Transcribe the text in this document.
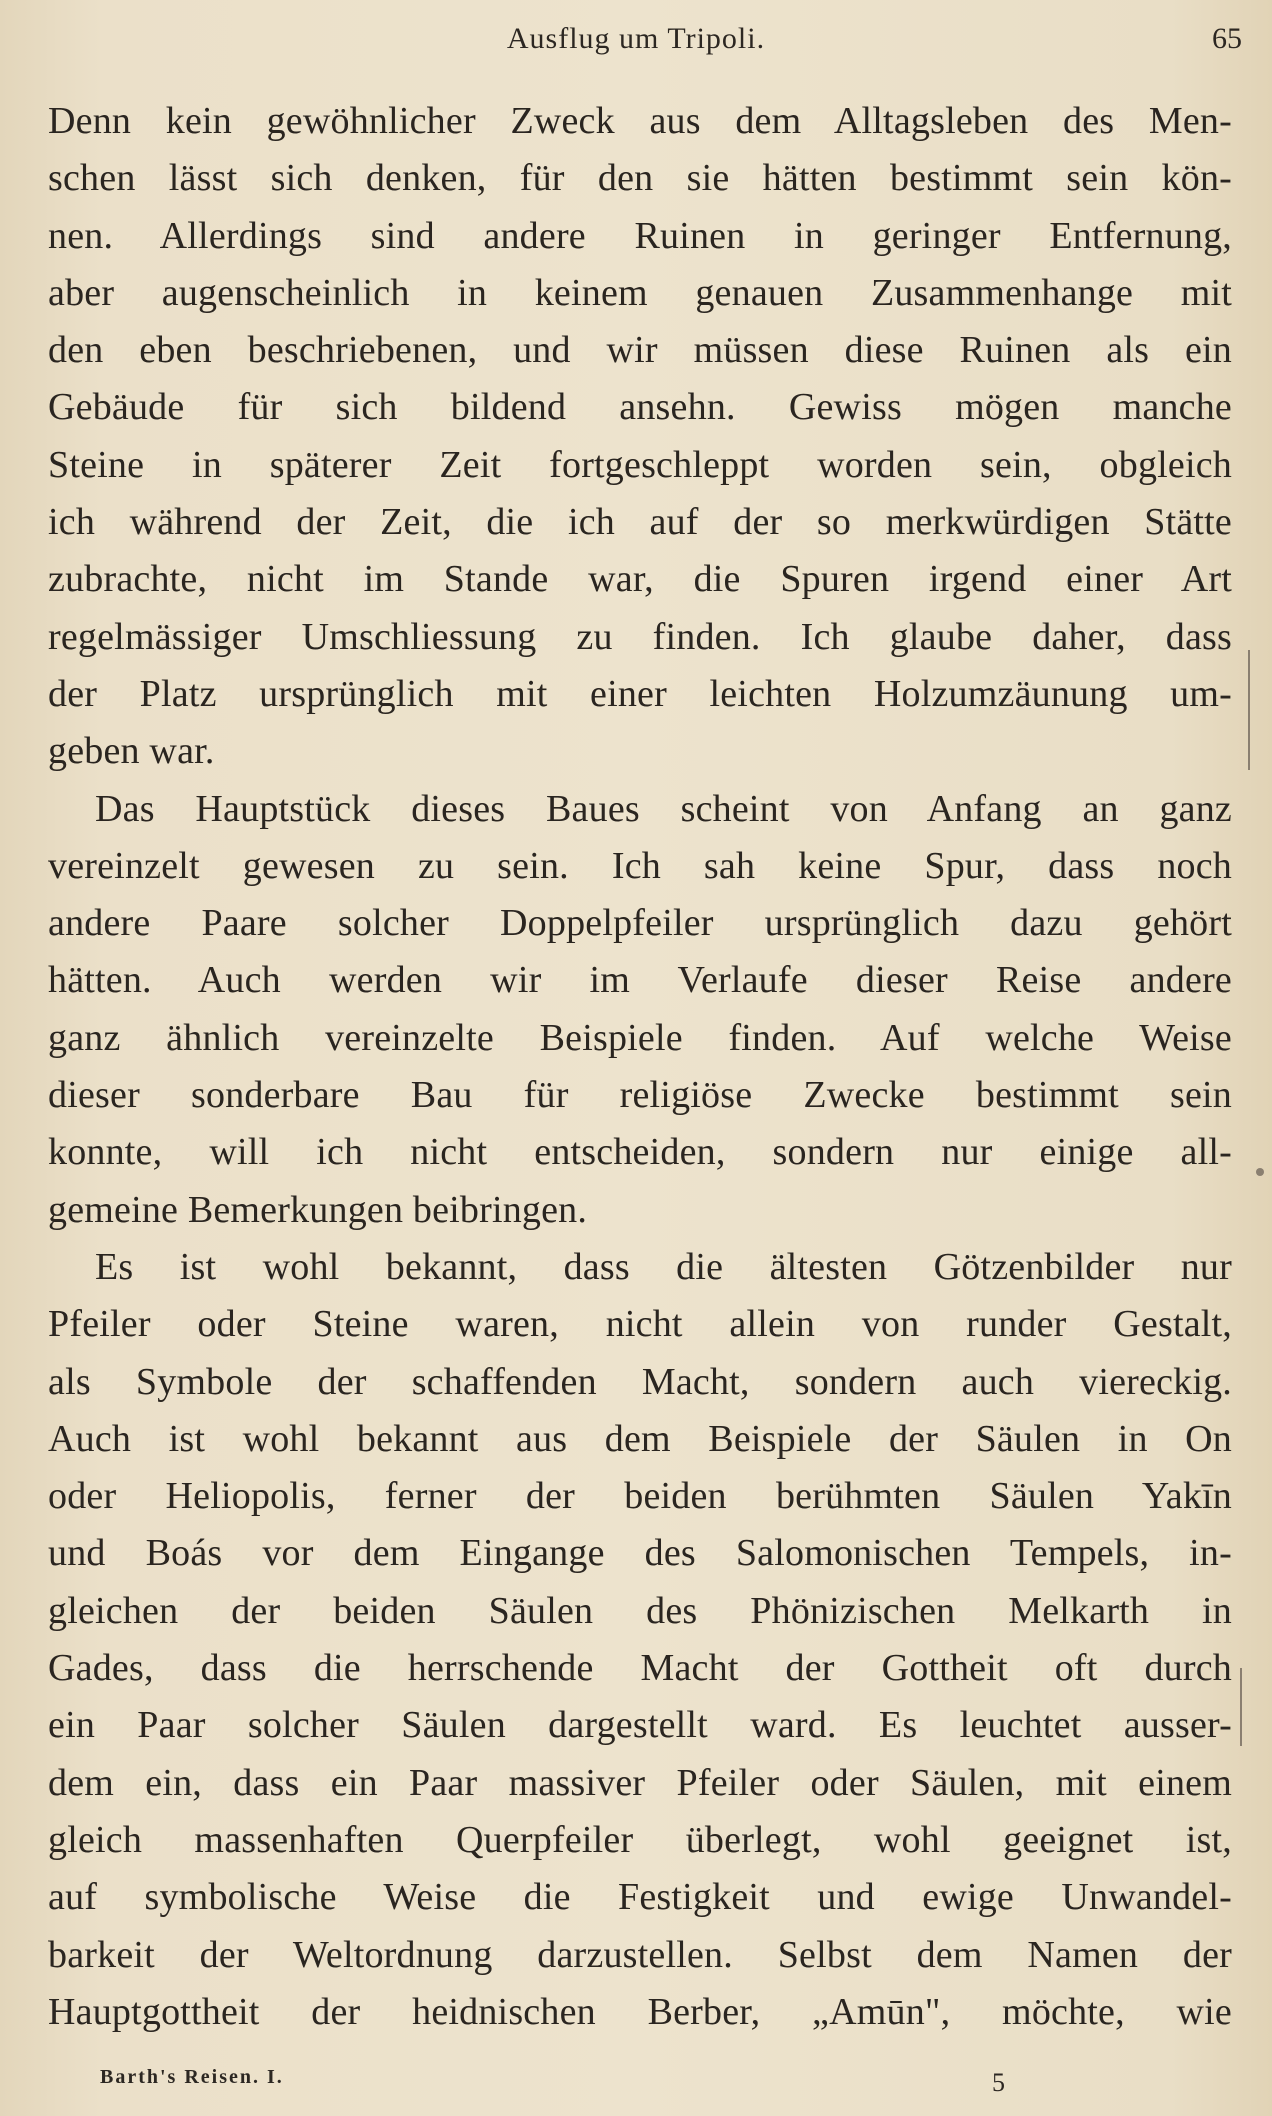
Ausflug um Tripoli.	65
Denn kein gewöhnlicher Zweck aus dem Alltagsleben des Men-
schen lässt sich denken, für den sie hätten bestimmt sein kön-
nen. Allerdings sind andere Ruinen in geringer Entfernung,
aber augenscheinlich in keinem genauen Zusammenhange mit
den eben beschriebenen, und wir müssen diese Ruinen als ein
Gebäude für sich bildend ansehn. Gewiss mögen manche
Steine in späterer Zeit fortgeschleppt worden sein, obgleich
ich während der Zeit, die ich auf der so merkwürdigen Stätte
zubrachte, nicht im Stande war, die Spuren irgend einer Art
regelmässiger Umschliessung zu finden. Ich glaube daher, dass
der Platz ursprünglich mit einer leichten Holzumzäunung um-
geben war.
Das Hauptstück dieses Baues scheint von Anfang an ganz
vereinzelt gewesen zu sein. Ich sah keine Spur, dass noch
andere Paare solcher Doppelpfeiler ursprünglich dazu gehört
hätten. Auch werden wir im Verlaufe dieser Reise andere
ganz ähnlich vereinzelte Beispiele finden. Auf welche Weise
dieser sonderbare Bau für religiöse Zwecke bestimmt sein
konnte, will ich nicht entscheiden, sondern nur einige all-
gemeine Bemerkungen beibringen.
Es ist wohl bekannt, dass die ältesten Götzenbilder nur
Pfeiler oder Steine waren, nicht allein von runder Gestalt,
als Symbole der schaffenden Macht, sondern auch viereckig.
Auch ist wohl bekannt aus dem Beispiele der Säulen in On
oder Heliopolis, ferner der beiden berühmten Säulen Yakīn
und Boás vor dem Eingange des Salomonischen Tempels, in-
gleichen der beiden Säulen des Phönizischen Melkarth in
Gades, dass die herrschende Macht der Gottheit oft durch
ein Paar solcher Säulen dargestellt ward. Es leuchtet ausser-
dem ein, dass ein Paar massiver Pfeiler oder Säulen, mit einem
gleich massenhaften Querpfeiler überlegt, wohl geeignet ist,
auf symbolische Weise die Festigkeit und ewige Unwandel-
barkeit der Weltordnung darzustellen. Selbst dem Namen der
Hauptgottheit der heidnischen Berber, „Amūn", möchte, wie
Barth's Reisen. I.	5
